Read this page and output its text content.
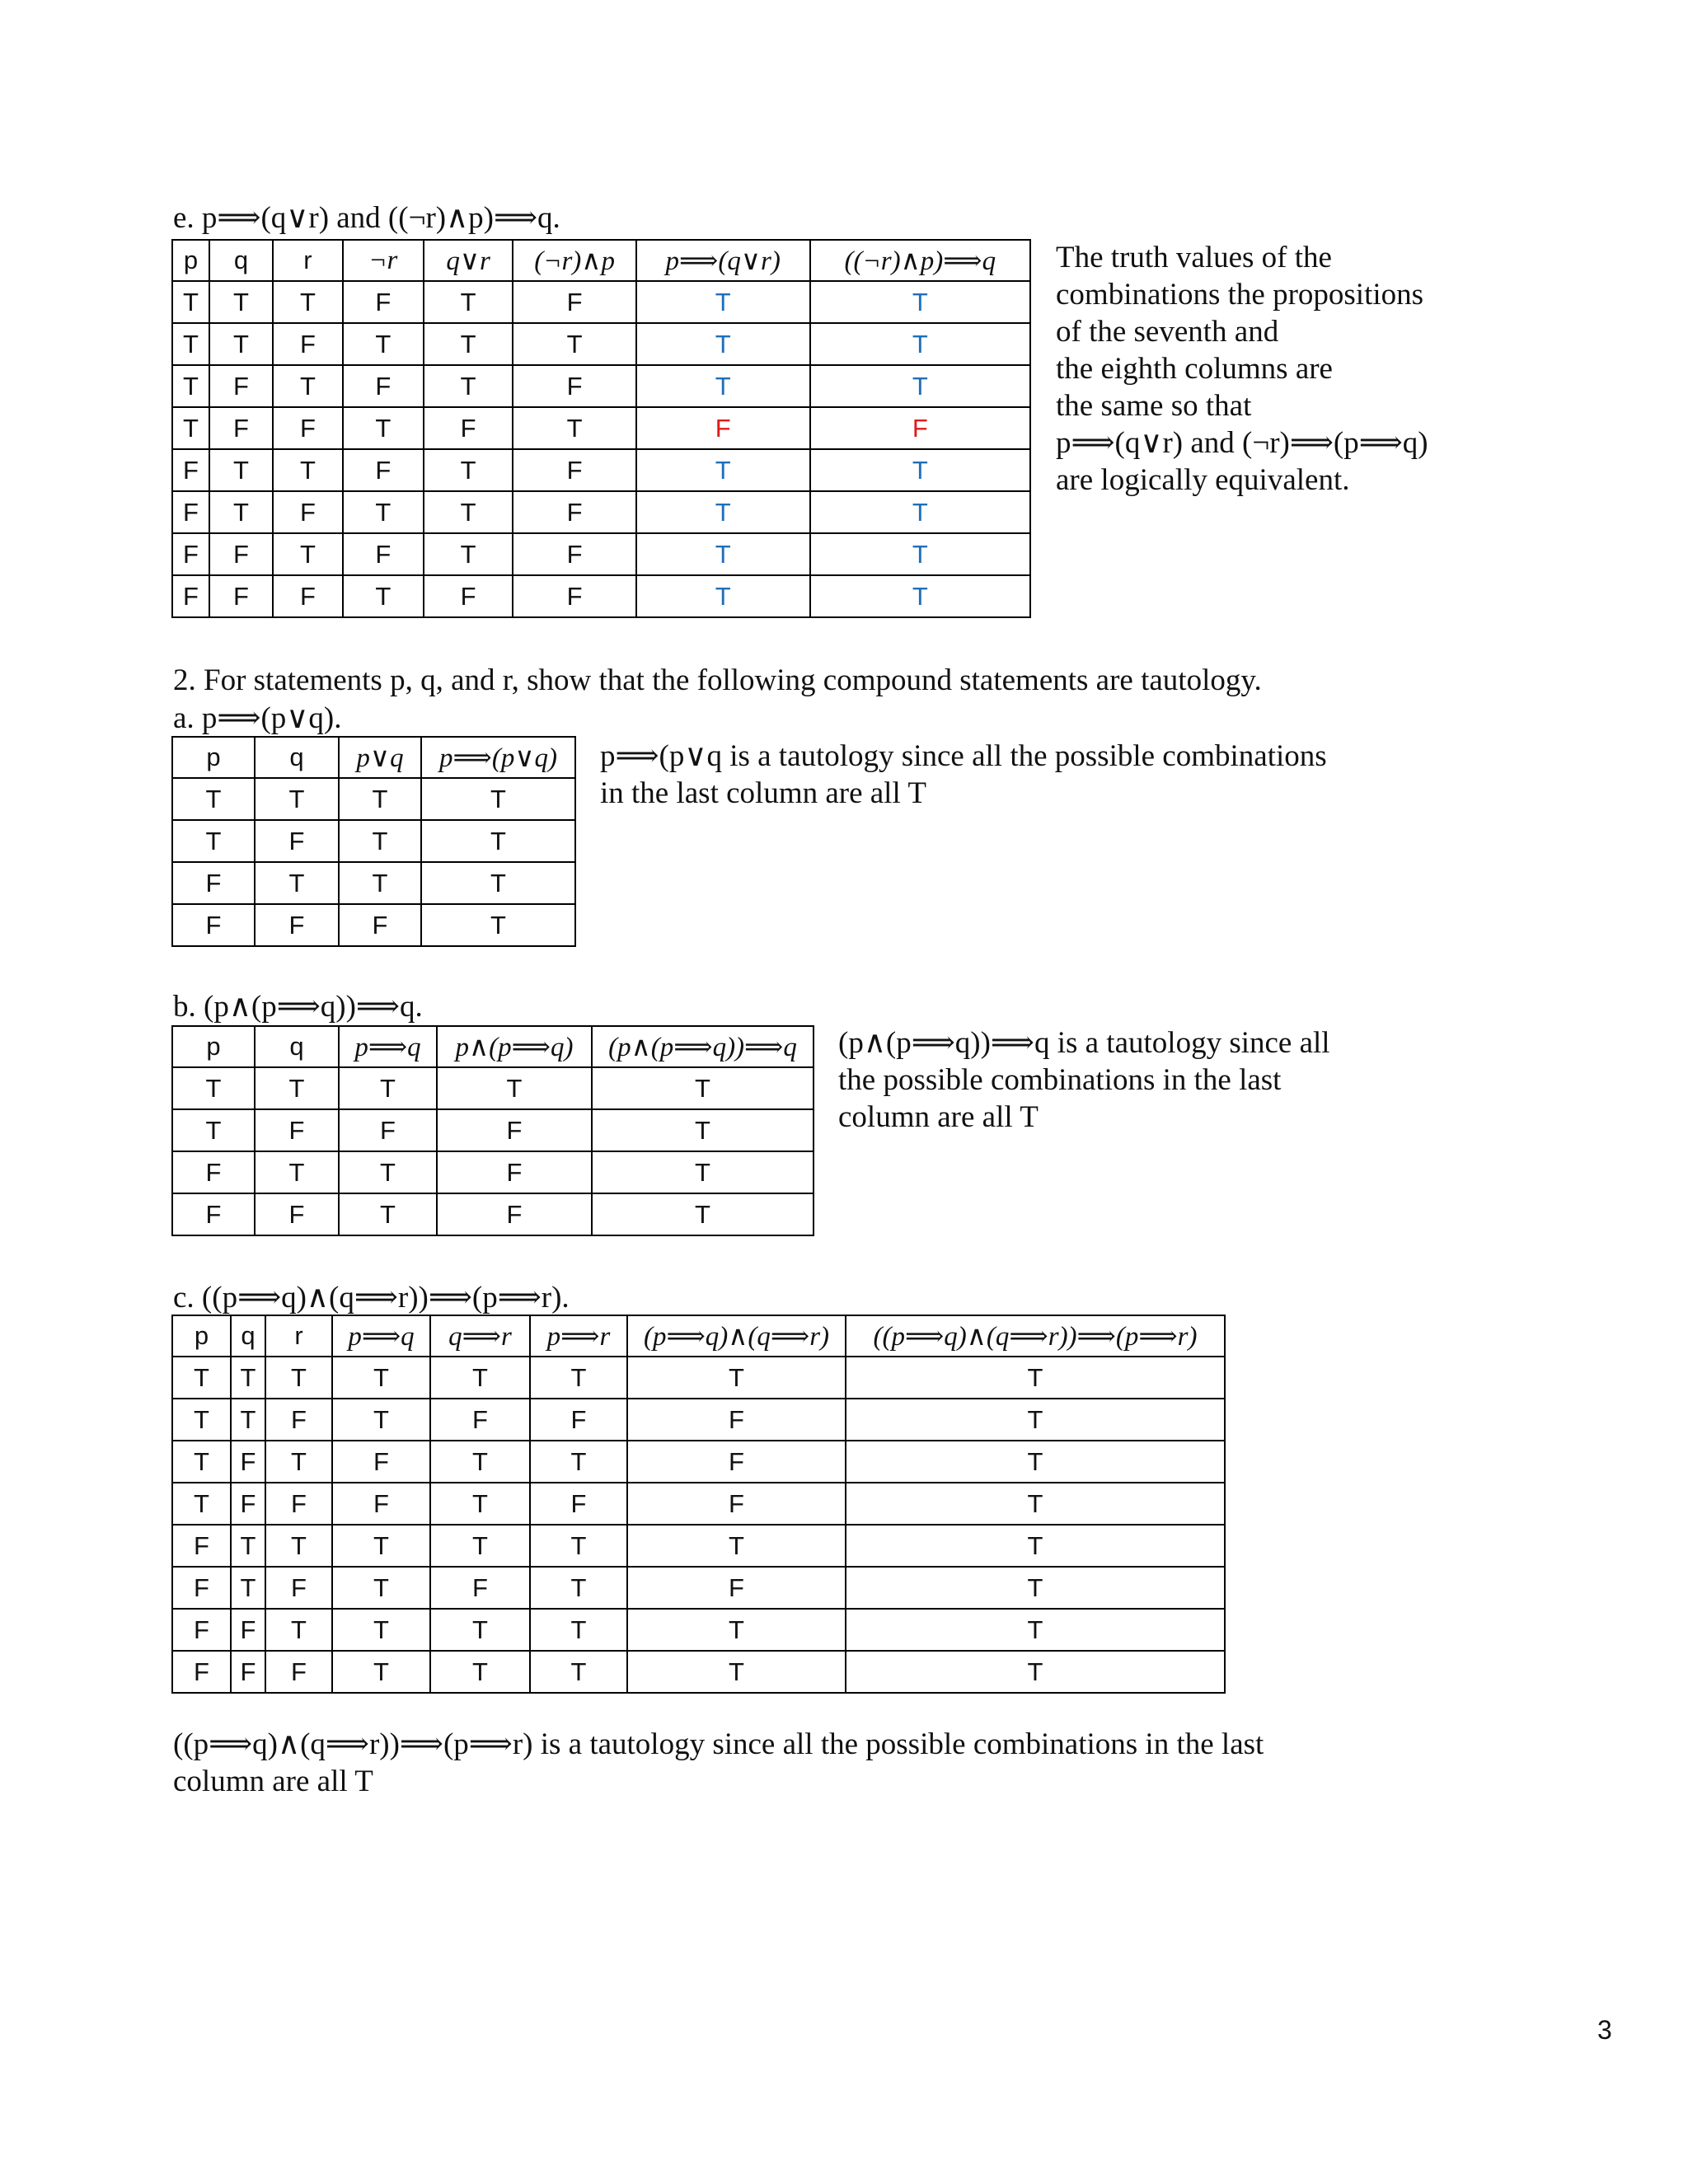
e. p⟹(q∨r) and ((¬r)∧p)⟹q.
p	q	r	¬r	q∨r	(¬r)∧p	p⟹(q∨r)	((¬r)∧p)⟹q
T	T	T	F	T	F	T	T
T	T	F	T	T	T	T	T
T	F	T	F	T	F	T	T
T	F	F	T	F	T	F	F
F	T	T	F	T	F	T	T
F	T	F	T	T	F	T	T
F	F	T	F	T	F	T	T
F	F	F	T	F	F	T	T
The truth values of the
combinations the propositions
of the seventh and
the eighth columns are
the same so that
p⟹(q∨r) and (¬r)⟹(p⟹q)
are logically equivalent.
2. For statements p, q, and r, show that the following compound statements are tautology.
a. p⟹(p∨q).
p	q	p∨q	p⟹(p∨q)
T	T	T	T
T	F	T	T
F	T	T	T
F	F	F	T
p⟹(p∨q is a tautology since all the possible combinations
in the last column are all T
b. (p∧(p⟹q))⟹q.
p	q	p⟹q	p∧(p⟹q)	(p∧(p⟹q))⟹q
T	T	T	T	T
T	F	F	F	T
F	T	T	F	T
F	F	T	F	T
(p∧(p⟹q))⟹q is a tautology since all
the possible combinations in the last
column are all T
c. ((p⟹q)∧(q⟹r))⟹(p⟹r).
p	q	r	p⟹q	q⟹r	p⟹r	(p⟹q)∧(q⟹r)	((p⟹q)∧(q⟹r))⟹(p⟹r)
T	T	T	T	T	T	T	T
T	T	F	T	F	F	F	T
T	F	T	F	T	T	F	T
T	F	F	F	T	F	F	T
F	T	T	T	T	T	T	T
F	T	F	T	F	T	F	T
F	F	T	T	T	T	T	T
F	F	F	T	T	T	T	T
((p⟹q)∧(q⟹r))⟹(p⟹r) is a tautology since all the possible combinations in the last
column are all T
3
